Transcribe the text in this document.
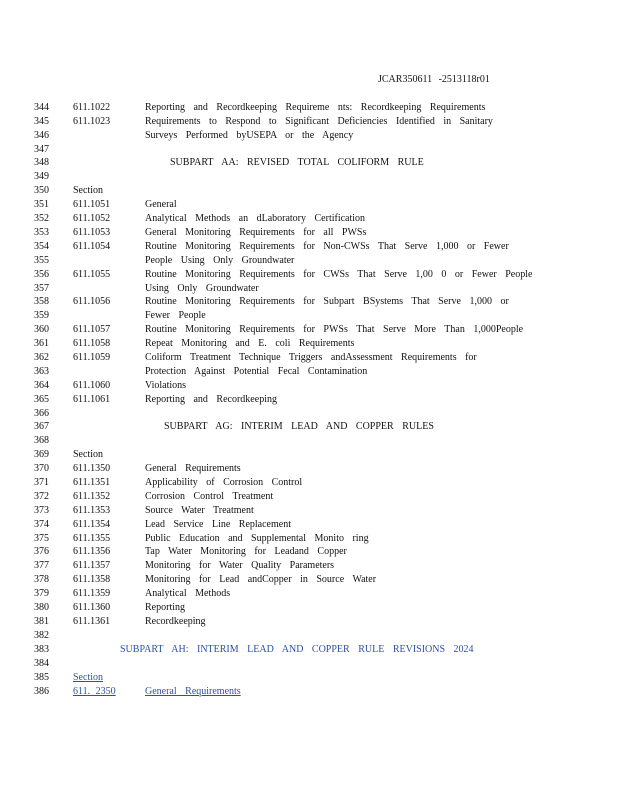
JCAR350611 -2513118r01
344 611.1022	Reporting and Recordkeeping Requireme nts: Recordkeeping Requirements
345 611.1023	Requirements to Respond to Significant Deficiencies Identified in Sanitary
346	Surveys Performed byUSEPA or the Agency
347
348	SUBPART AA: REVISED TOTAL COLIFORM RULE
349
350 Section
351 611.1051	General
352 611.1052	Analytical Methods an dLaboratory Certification
353 611.1053	General Monitoring Requirements for all PWSs
354 611.1054	Routine Monitoring Requirements for Non-CWSs That Serve 1,000 or Fewer
355	People Using Only Groundwater
356 611.1055	Routine Monitoring Requirements for CWSs That Serve 1,00 0 or Fewer People
357	Using Only Groundwater
358 611.1056	Routine Monitoring Requirements for Subpart BSystems That Serve 1,000 or
359	Fewer People
360 611.1057	Routine Monitoring Requirements for PWSs That Serve More Than 1,000People
361 611.1058	Repeat Monitoring and E. coli Requirements
362 611.1059	Coliform Treatment Technique Triggers andAssessment Requirements for
363	Protection Against Potential Fecal Contamination
364 611.1060	Violations
365 611.1061	Reporting and Recordkeeping
366
367	SUBPART AG: INTERIM LEAD AND COPPER RULES
368
369 Section
370 611.1350	General Requirements
371 611.1351	Applicability of Corrosion Control
372 611.1352	Corrosion Control Treatment
373 611.1353	Source Water Treatment
374 611.1354	Lead Service Line Replacement
375 611.1355	Public Education and Supplemental Monito ring
376 611.1356	Tap Water Monitoring for Leadand Copper
377 611.1357	Monitoring for Water Quality Parameters
378 611.1358	Monitoring for Lead andCopper in Source Water
379 611.1359	Analytical Methods
380 611.1360	Reporting
381 611.1361	Recordkeeping
382
383	SUBPART AH: INTERIM LEAD AND COPPER RULE REVISIONS 2024
384
385 Section
386 611. 2350	General Requirements
